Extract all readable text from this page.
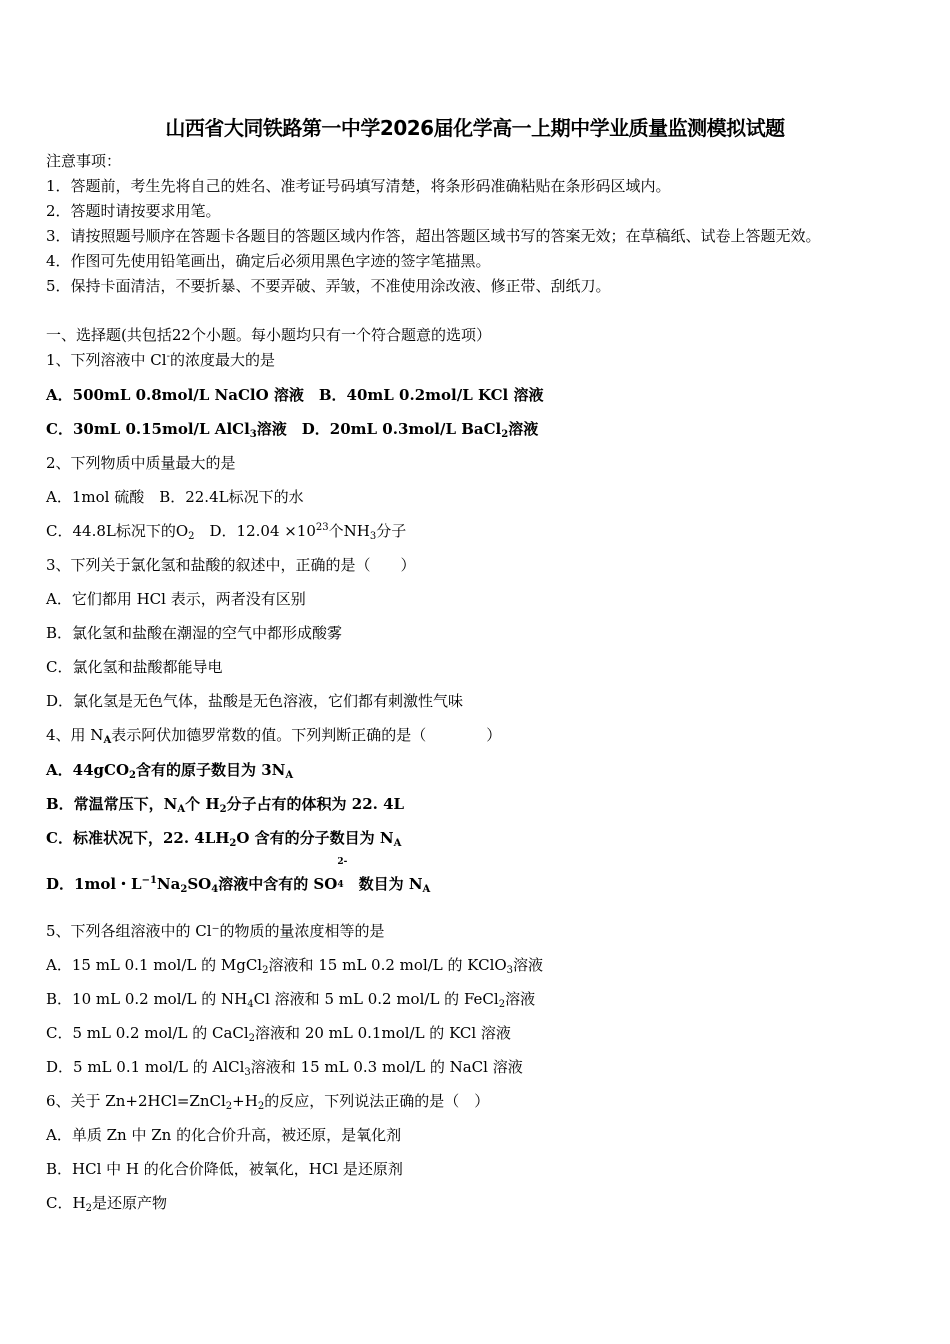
山西省大同铁路第一中学2026届化学高一上期中学业质量监测模拟试题
注意事项：
1．答题前，考生先将自己的姓名、准考证号码填写清楚，将条形码准确粘贴在条形码区域内。
2．答题时请按要求用笔。
3．请按照题号顺序在答题卡各题目的答题区域内作答，超出答题区域书写的答案无效；在草稿纸、试卷上答题无效。
4．作图可先使用铅笔画出，确定后必须用黑色字迹的签字笔描黑。
5．保持卡面清洁，不要折暴、不要弄破、弄皱，不准使用涂改液、修正带、刮纸刀。
一、选择题(共包括22个小题。每小题均只有一个符合题意的选项）
1、下列溶液中 Cl-的浓度最大的是
A．500mL 0.8mol/L NaClO 溶液　B．40mL 0.2mol/L KCl 溶液
C．30mL 0.15mol/L AlCl$_3$溶液　D．20mL 0.3mol/L BaCl$_2$溶液
2、下列物质中质量最大的是
A．1mol 硫酸　B．22.4L标况下的水
C．44.8L标况下的$O_2$　D．$12.04 \times 10^{23}$个$NH_3$分子
3、下列关于氯化氢和盐酸的叙述中，正确的是（　　）
A．它们都用 HCl 表示，两者没有区别
B．氯化氢和盐酸在潮湿的空气中都形成酸雾
C．氯化氢和盐酸都能导电
D．氯化氢是无色气体，盐酸是无色溶液，它们都有刺激性气味
4、用 $N_A$表示阿伏加德罗常数的值。下列判断正确的是（　　　　）
A．44gCO$_2$含有的原子数目为 $3N_A$
B．常温常压下，$N_A$个 $H_2$分子占有的体积为 22. 4L
C．标准状况下，22. $4LH_2O$ 含有的分子数目为 $N_A$
D．1mol・$L^{-1}Na_2SO_4$溶液中含有的 SO
2-
4　数目为 $N_A$
5、下列各组溶液中的 Cl⁻的物质的量浓度相等的是
A．15 mL 0.1 mol/L 的 MgCl$_2$溶液和 15 mL 0.2 mol/L 的 KClO$_3$溶液
B．10 mL 0.2 mol/L 的 $NH_4Cl$ 溶液和 5 mL 0.2 mol/L 的 FeCl$_2$溶液
C．5 mL 0.2 mol/L 的 CaCl$_2$溶液和 20 mL 0.1mol/L 的 KCl 溶液
D．5 mL 0.1 mol/L 的 AlCl$_3$溶液和 15 mL 0.3 mol/L 的 NaCl 溶液
6、关于 $Zn+2HCl=ZnCl_2+H_2$的反应，下列说法正确的是（　）
A．单质 Zn 中 Zn 的化合价升高，被还原，是氧化剂
B．HCl 中 H 的化合价降低，被氧化，HCl 是还原剂
C．$H_2$是还原产物
